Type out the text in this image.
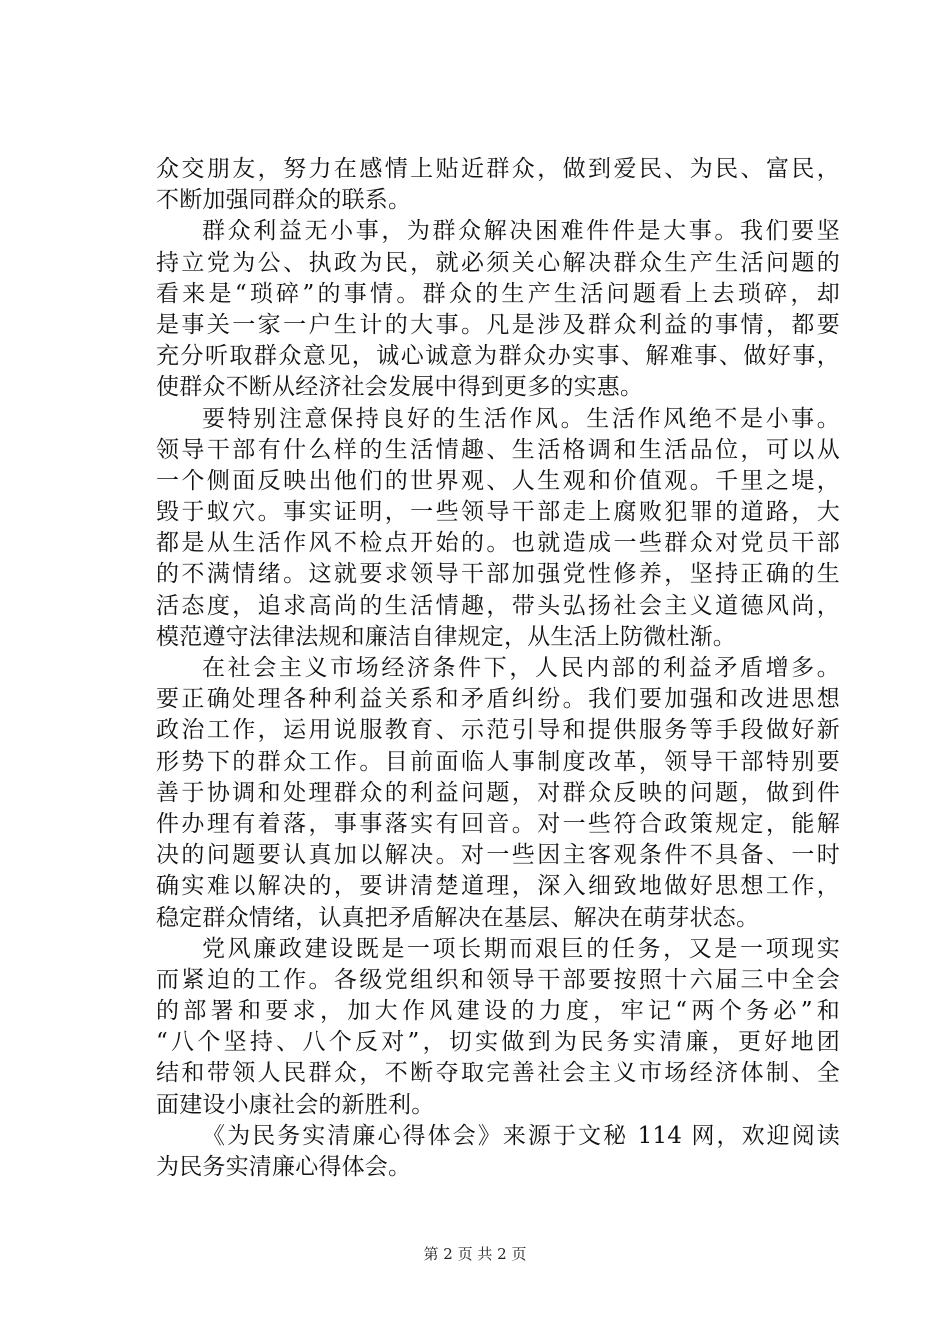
众交朋友，努力在感情上贴近群众，做到爱民、为民、富民，
不断加强同群众的联系。
群众利益无小事，为群众解决困难件件是大事。我们要坚
持立党为公、执政为民，就必须关心解决群众生产生活问题的
看来是“琐碎”的事情。群众的生产生活问题看上去琐碎，却
是事关一家一户生计的大事。凡是涉及群众利益的事情，都要
充分听取群众意见，诚心诚意为群众办实事、解难事、做好事，
使群众不断从经济社会发展中得到更多的实惠。
要特别注意保持良好的生活作风。生活作风绝不是小事。
领导干部有什么样的生活情趣、生活格调和生活品位，可以从
一个侧面反映出他们的世界观、人生观和价值观。千里之堤，
毁于蚁穴。事实证明，一些领导干部走上腐败犯罪的道路，大
都是从生活作风不检点开始的。也就造成一些群众对党员干部
的不满情绪。这就要求领导干部加强党性修养，坚持正确的生
活态度，追求高尚的生活情趣，带头弘扬社会主义道德风尚，
模范遵守法律法规和廉洁自律规定，从生活上防微杜渐。
在社会主义市场经济条件下，人民内部的利益矛盾增多。
要正确处理各种利益关系和矛盾纠纷。我们要加强和改进思想
政治工作，运用说服教育、示范引导和提供服务等手段做好新
形势下的群众工作。目前面临人事制度改革，领导干部特别要
善于协调和处理群众的利益问题，对群众反映的问题，做到件
件办理有着落，事事落实有回音。对一些符合政策规定，能解
决的问题要认真加以解决。对一些因主客观条件不具备、一时
确实难以解决的，要讲清楚道理，深入细致地做好思想工作，
稳定群众情绪，认真把矛盾解决在基层、解决在萌芽状态。
党风廉政建设既是一项长期而艰巨的任务，又是一项现实
而紧迫的工作。各级党组织和领导干部要按照十六届三中全会
的部署和要求，加大作风建设的力度，牢记“两个务必”和
“八个坚持、八个反对”，切实做到为民务实清廉，更好地团
结和带领人民群众，不断夺取完善社会主义市场经济体制、全
面建设小康社会的新胜利。
《为民务实清廉心得体会》来源于文秘 114 网，欢迎阅读
为民务实清廉心得体会。
第 2 页 共 2 页
